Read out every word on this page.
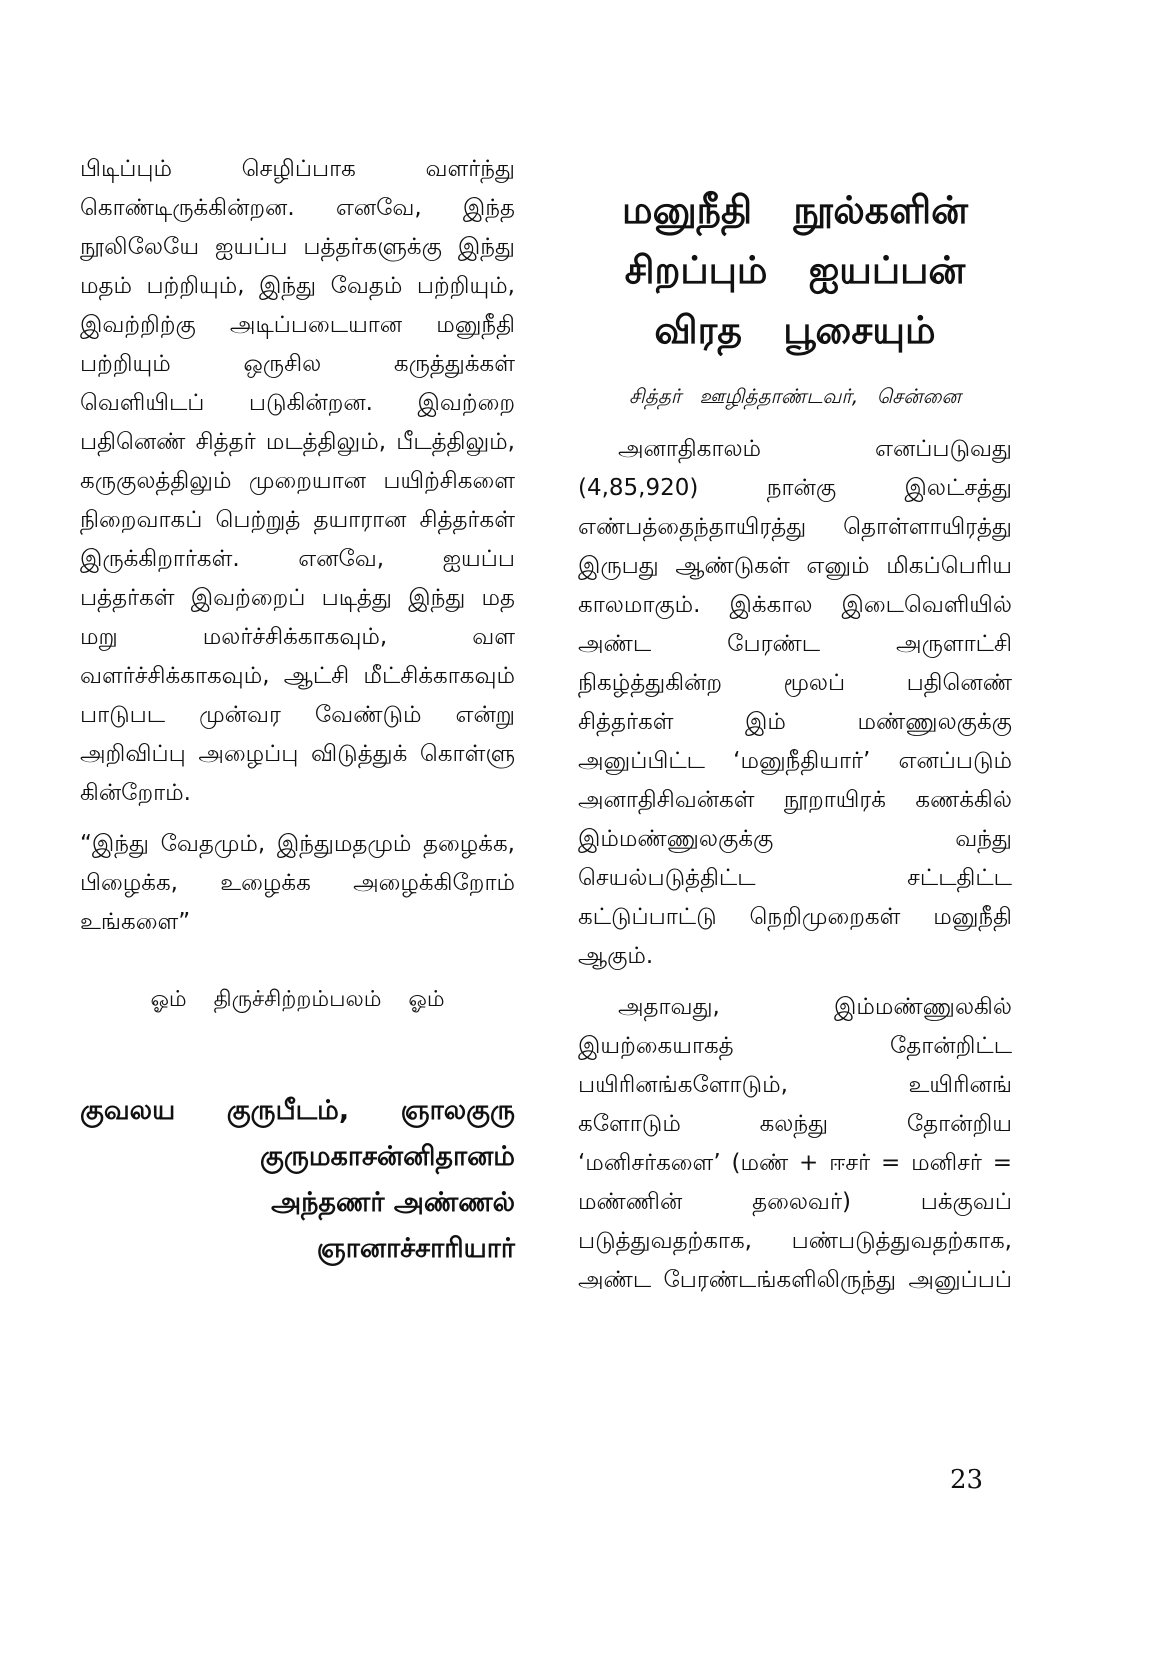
பிடிப்பும் செழிப்பாக வளர்ந்து கொண்டிருக்கின்றன. எனவே, இந்த நூலிலேயே ஐயப்ப பத்தர்களுக்கு இந்து மதம் பற்றியும், இந்து வேதம் பற்றியும், இவற்றிற்கு அடிப்படையான மனுநீதி பற்றியும் ஒருசில கருத்துக்கள் வெளியிடப் படுகின்றன. இவற்றை பதினெண் சித்தர் மடத்திலும், பீடத்திலும், கருகுலத்திலும் முறையான பயிற்சிகளை நிறைவாகப் பெற்றுத் தயாரான சித்தர்கள் இருக்கிறார்கள். எனவே, ஐயப்ப பத்தர்கள் இவற்றைப் படித்து இந்து மத மறு மலர்ச்சிக்காகவும், வள வளர்ச்சிக்காகவும், ஆட்சி மீட்சிக்காகவும் பாடுபட முன்வர வேண்டும் என்று அறிவிப்பு அழைப்பு விடுத்துக் கொள்ளு கின்றோம்.

“இந்து வேதமும், இந்துமதமும் தழைக்க, பிழைக்க, உழைக்க அழைக்கிறோம் உங்களை”

ஓம் திருச்சிற்றம்பலம் ஓம்

குவலய குருபீடம், ஞாலகுரு
குருமகாசன்னிதானம்
அந்தணர் அண்ணல்
ஞானாச்சாரியார்
மனுநீதி நூல்களின்
சிறப்பும் ஐயப்பன்
விரத பூசையும்

சித்தர் ஊழித்தாண்டவர், சென்னை

அனாதிகாலம் எனப்படுவது (4,85,920) நான்கு இலட்சத்து எண்பத்தைந்தாயிரத்து தொள்ளாயிரத்து இருபது ஆண்டுகள் எனும் மிகப்பெரிய காலமாகும். இக்கால இடைவெளியில் அண்ட பேரண்ட அருளாட்சி நிகழ்த்துகின்ற மூலப் பதினெண் சித்தர்கள் இம் மண்ணுலகுக்கு அனுப்பிட்ட ‘மனுநீதியார்’ எனப்படும் அனாதிசிவன்கள் நூறாயிரக் கணக்கில் இம்மண்ணுலகுக்கு வந்து செயல்படுத்திட்ட சட்டதிட்ட கட்டுப்பாட்டு நெறிமுறைகள் மனுநீதி ஆகும்.

அதாவது, இம்மண்ணுலகில் இயற்கையாகத் தோன்றிட்ட பயிரினங்களோடும், உயிரினங் களோடும் கலந்து தோன்றிய ‘மனிசர்களை’ (மண் + ஈசர் = மனிசர் = மண்ணின் தலைவர்) பக்குவப் படுத்துவதற்காக, பண்படுத்துவதற்காக, அண்ட பேரண்டங்களிலிருந்து அனுப்பப்

23
